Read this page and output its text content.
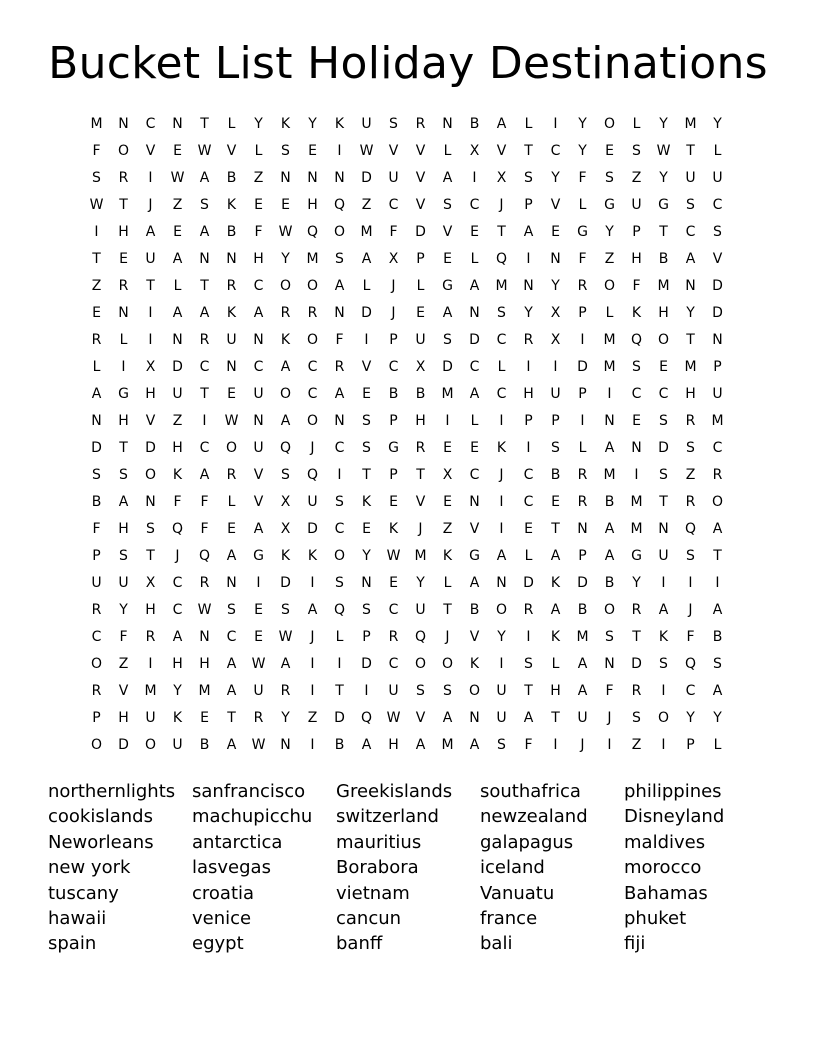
Bucket List Holiday Destinations
M	N	C	N	T	L	Y	K	Y	K	U	S	R	N	B	A	L	I	Y	O	L	Y	M	Y
F	O	V	E	W	V	L	S	E	I	W	V	V	L	X	V	T	C	Y	E	S	W	T	L
S	R	I	W	A	B	Z	N	N	N	D	U	V	A	I	X	S	Y	F	S	Z	Y	U	U
W	T	J	Z	S	K	E	E	H	Q	Z	C	V	S	C	J	P	V	L	G	U	G	S	C
I	H	A	E	A	B	F	W	Q	O	M	F	D	V	E	T	A	E	G	Y	P	T	C	S
T	E	U	A	N	N	H	Y	M	S	A	X	P	E	L	Q	I	N	F	Z	H	B	A	V
Z	R	T	L	T	R	C	O	O	A	L	J	L	G	A	M	N	Y	R	O	F	M	N	D
E	N	I	A	A	K	A	R	R	N	D	J	E	A	N	S	Y	X	P	L	K	H	Y	D
R	L	I	N	R	U	N	K	O	F	I	P	U	S	D	C	R	X	I	M	Q	O	T	N
L	I	X	D	C	N	C	A	C	R	V	C	X	D	C	L	I	I	D	M	S	E	M	P
A	G	H	U	T	E	U	O	C	A	E	B	B	M	A	C	H	U	P	I	C	C	H	U
N	H	V	Z	I	W	N	A	O	N	S	P	H	I	L	I	P	P	I	N	E	S	R	M
D	T	D	H	C	O	U	Q	J	C	S	G	R	E	E	K	I	S	L	A	N	D	S	C
S	S	O	K	A	R	V	S	Q	I	T	P	T	X	C	J	C	B	R	M	I	S	Z	R
B	A	N	F	F	L	V	X	U	S	K	E	V	E	N	I	C	E	R	B	M	T	R	O
F	H	S	Q	F	E	A	X	D	C	E	K	J	Z	V	I	E	T	N	A	M	N	Q	A
P	S	T	J	Q	A	G	K	K	O	Y	W	M	K	G	A	L	A	P	A	G	U	S	T
U	U	X	C	R	N	I	D	I	S	N	E	Y	L	A	N	D	K	D	B	Y	I	I	I
R	Y	H	C	W	S	E	S	A	Q	S	C	U	T	B	O	R	A	B	O	R	A	J	A
C	F	R	A	N	C	E	W	J	L	P	R	Q	J	V	Y	I	K	M	S	T	K	F	B
O	Z	I	H	H	A	W	A	I	I	D	C	O	O	K	I	S	L	A	N	D	S	Q	S
R	V	M	Y	M	A	U	R	I	T	I	U	S	S	O	U	T	H	A	F	R	I	C	A
P	H	U	K	E	T	R	Y	Z	D	Q	W	V	A	N	U	A	T	U	J	S	O	Y	Y
O	D	O	U	B	A	W	N	I	B	A	H	A	M	A	S	F	I	J	I	Z	I	P	L
northernlights
cookislands
Neworleans
new york
tuscany
hawaii
spain
sanfrancisco
machupicchu
antarctica
lasvegas
croatia
venice
egypt
Greekislands
switzerland
mauritius
Borabora
vietnam
cancun
banff
southafrica
newzealand
galapagus
iceland
Vanuatu
france
bali
philippines
Disneyland
maldives
morocco
Bahamas
phuket
fiji
